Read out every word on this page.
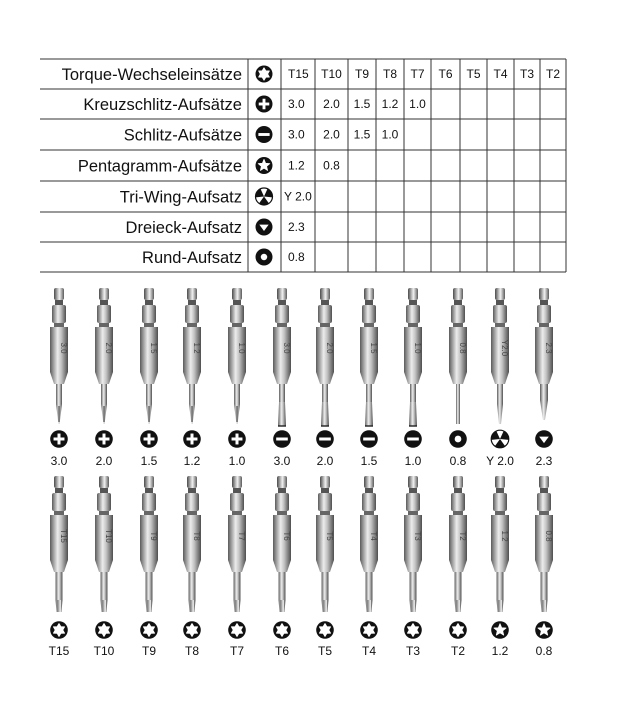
Torque-Wechseleinsätze	T15 T10 T9 T8 T7 T6 T5 T4 T3 T2
Kreuzschlitz-Aufsätze	3.0 2.0 1.5 1.2 1.0
Schlitz-Aufsätze	3.0 2.0 1.5 1.0
Pentagramm-Aufsätze	1.2 0.8
Tri-Wing-Aufsatz	Y 2.0
Dreieck-Aufsatz	2.3
Rund-Aufsatz	0.8
3.0
3.0
2.0
2.0
1.5
1.5
1.2
1.2
1.0
1.0
3.0
3.0
2.0
2.0
1.5
1.5
1.0
1.0
0.8
0.8
Y2.0
Y 2.0
2.3
2.3
T15
T15
T10
T10
T9
T9
T8
T8
T7
T7
T6
T6
T5
T5
T4
T4
T3
T3
T2
T2
1.2
1.2
0.8
0.8
